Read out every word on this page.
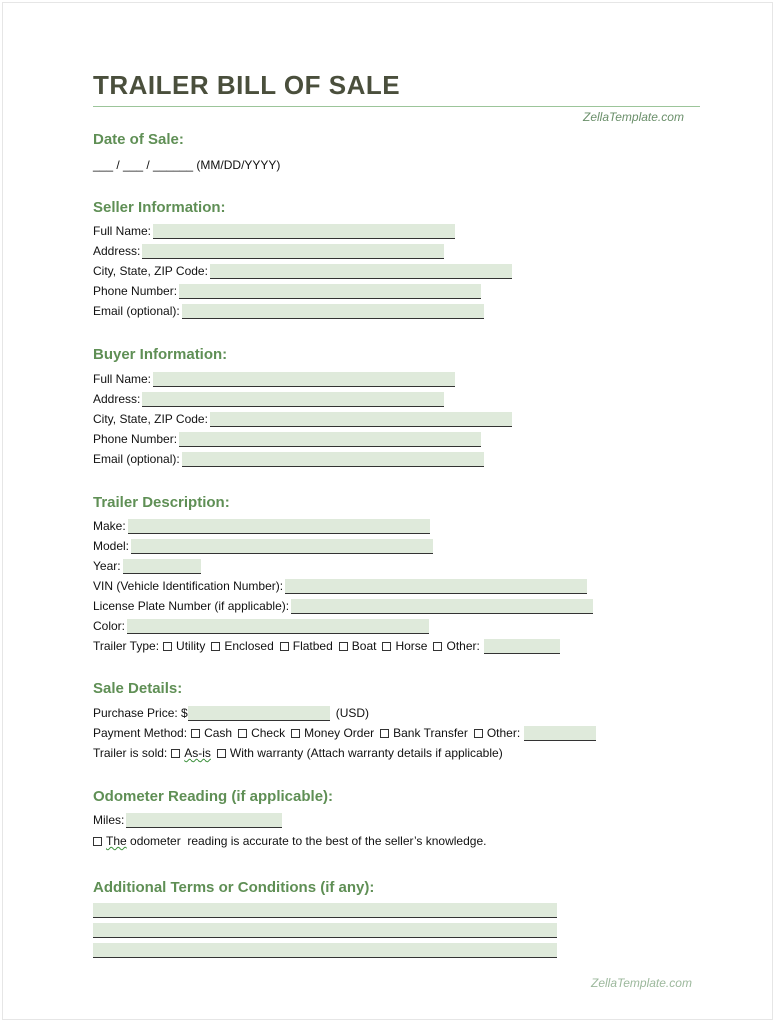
TRAILER BILL OF SALE
ZellaTemplate.com
Date of Sale:
___ / ___ / ______ (MM/DD/YYYY)
Seller Information:
Full Name:
Address:
City, State, ZIP Code:
Phone Number:
Email (optional):
Buyer Information:
Full Name:
Address:
City, State, ZIP Code:
Phone Number:
Email (optional):
Trailer Description:
Make:
Model:
Year:
VIN (Vehicle Identification Number):
License Plate Number (if applicable):
Color:
Trailer Type: Utility Enclosed Flatbed Boat Horse Other:
Sale Details:
Purchase Price: $	(USD)
Payment Method: Cash Check Money Order Bank Transfer Other:
Trailer is sold: As-is With warranty (Attach warranty details if applicable)
Odometer Reading (if applicable):
Miles:
The odometer  reading is accurate to the best of the seller’s knowledge.
Additional Terms or Conditions (if any):
ZellaTemplate.com
